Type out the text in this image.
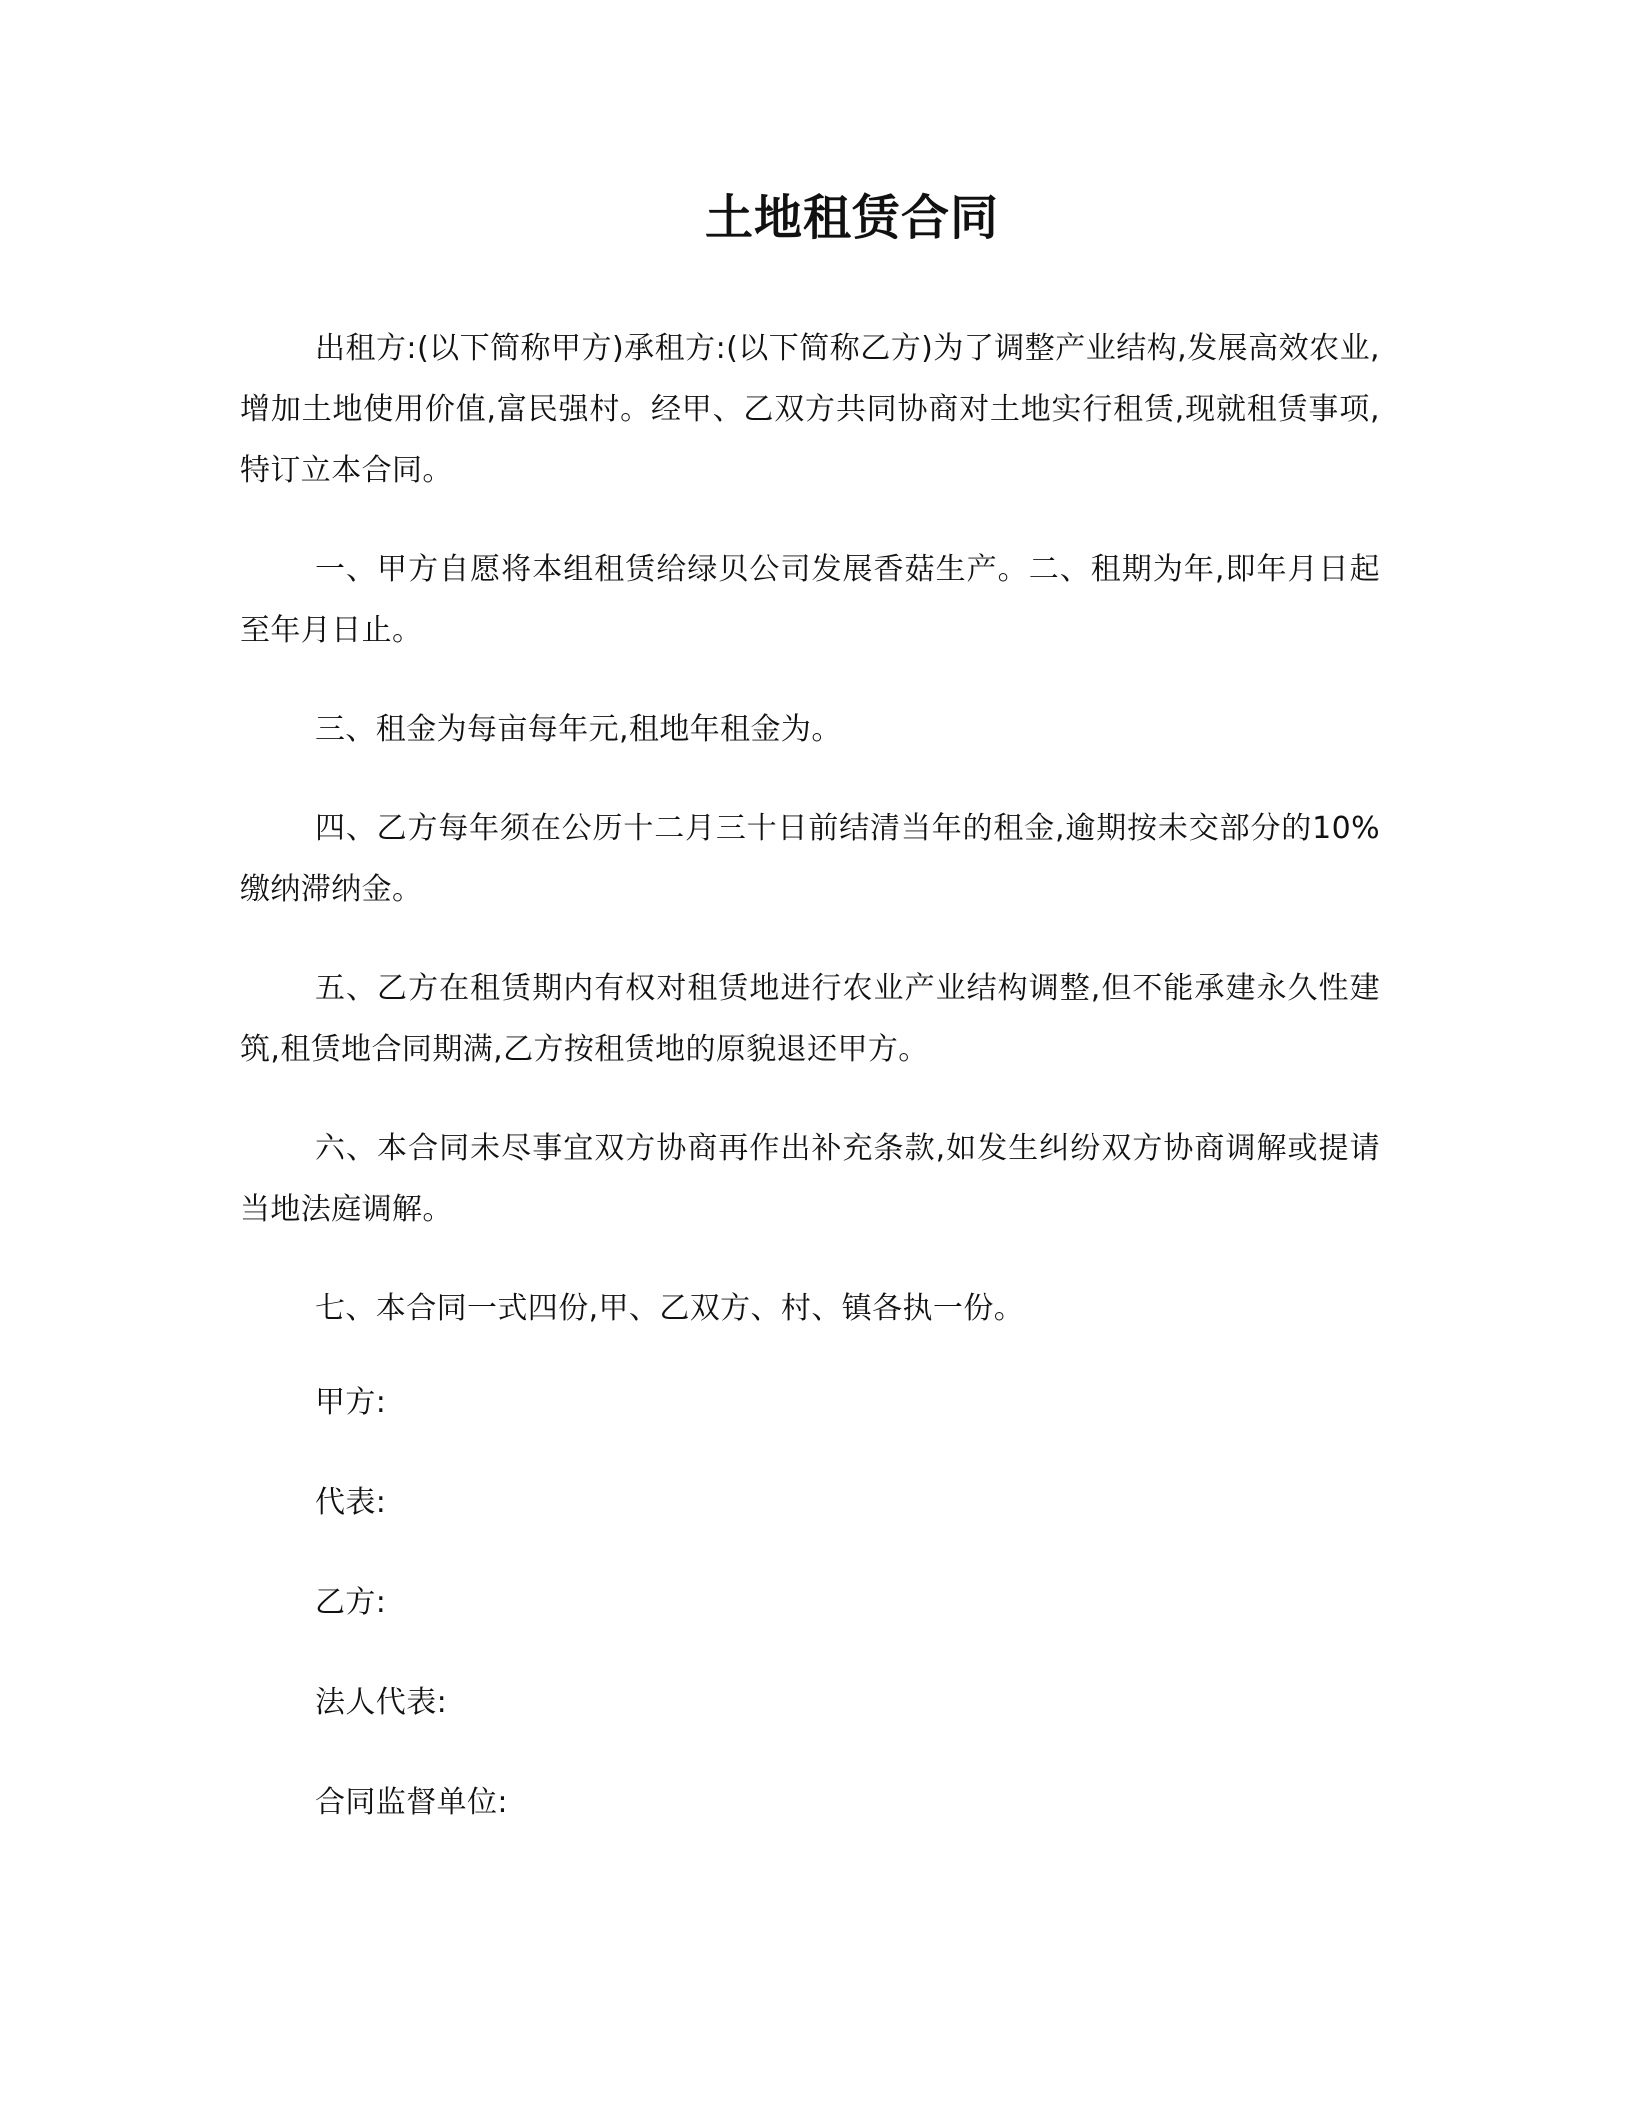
土地租赁合同

出租方:(以下简称甲方)承租方:(以下简称乙方)为了调整产业结构,发展高效农业,增加土地使用价值,富民强村。经甲、乙双方共同协商对土地实行租赁,现就租赁事项,特订立本合同。

一、甲方自愿将本组租赁给绿贝公司发展香菇生产。二、租期为年,即年月日起至年月日止。

三、租金为每亩每年元,租地年租金为。

四、乙方每年须在公历十二月三十日前结清当年的租金,逾期按未交部分的10%缴纳滞纳金。

五、乙方在租赁期内有权对租赁地进行农业产业结构调整,但不能承建永久性建筑,租赁地合同期满,乙方按租赁地的原貌退还甲方。

六、本合同未尽事宜双方协商再作出补充条款,如发生纠纷双方协商调解或提请当地法庭调解。

七、本合同一式四份,甲、乙双方、村、镇各执一份。

甲方:

代表:

乙方:

法人代表:

合同监督单位:
